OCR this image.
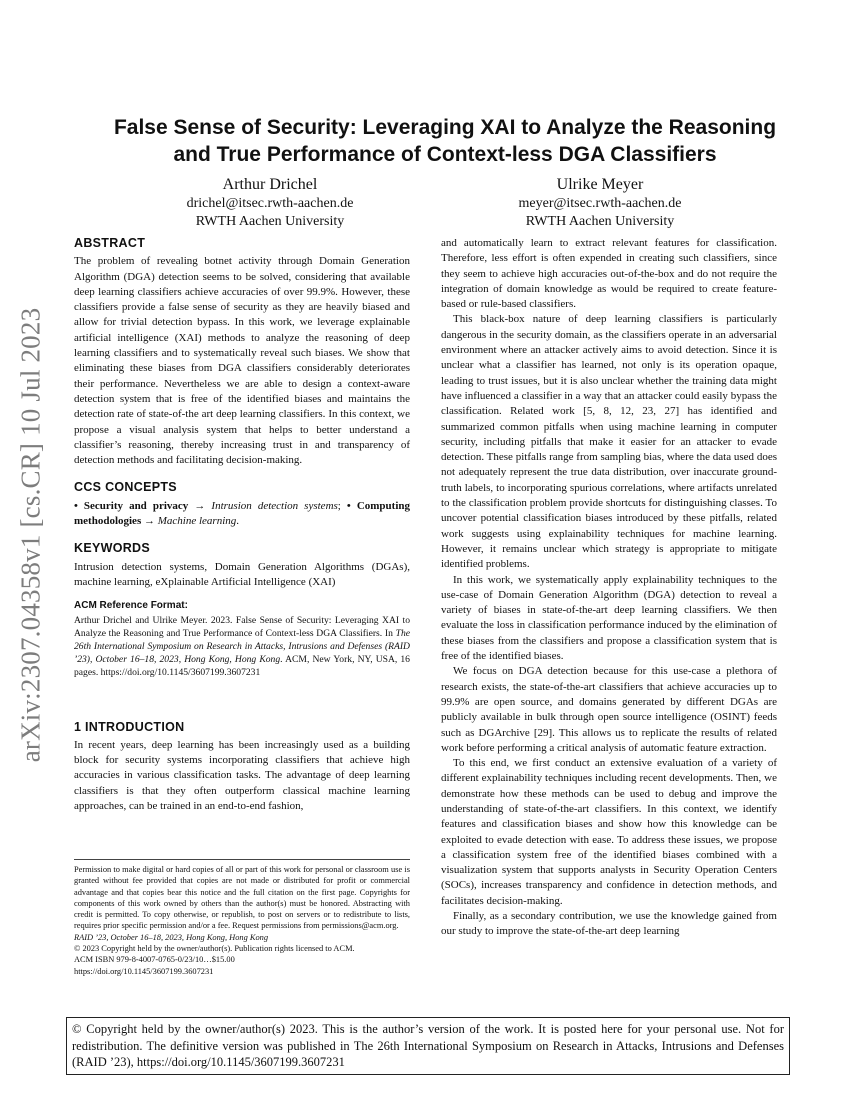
arXiv:2307.04358v1 [cs.CR] 10 Jul 2023
False Sense of Security: Leveraging XAI to Analyze the Reasoning
and True Performance of Context-less DGA Classifiers
Arthur Drichel
drichel@itsec.rwth-aachen.de
RWTH Aachen University
Ulrike Meyer
meyer@itsec.rwth-aachen.de
RWTH Aachen University
ABSTRACT

The problem of revealing botnet activity through Domain Generation Algorithm (DGA) detection seems to be solved, considering that available deep learning classifiers achieve accuracies of over 99.9%. However, these classifiers provide a false sense of security as they are heavily biased and allow for trivial detection bypass. In this work, we leverage explainable artificial intelligence (XAI) methods to analyze the reasoning of deep learning classifiers and to systematically reveal such biases. We show that eliminating these biases from DGA classifiers considerably deteriorates their performance. Nevertheless we are able to design a context-aware detection system that is free of the identified biases and maintains the detection rate of state-of-the art deep learning classifiers. In this context, we propose a visual analysis system that helps to better understand a classifier’s reasoning, thereby increasing trust in and transparency of detection methods and facilitating decision-making.

CCS CONCEPTS

• Security and privacy → Intrusion detection systems; • Computing methodologies → Machine learning.

KEYWORDS

Intrusion detection systems, Domain Generation Algorithms (DGAs), machine learning, eXplainable Artificial Intelligence (XAI)

ACM Reference Format:

Arthur Drichel and Ulrike Meyer. 2023. False Sense of Security: Leveraging XAI to Analyze the Reasoning and True Performance of Context-less DGA Classifiers. In The 26th International Symposium on Research in Attacks, Intrusions and Defenses (RAID ’23), October 16–18, 2023, Hong Kong, Hong Kong. ACM, New York, NY, USA, 16 pages. https://doi.org/10.1145/3607199.3607231

1 INTRODUCTION

In recent years, deep learning has been increasingly used as a building block for security systems incorporating classifiers that achieve high accuracies in various classification tasks. The advantage of deep learning classifiers is that they often outperform classical machine learning approaches, can be trained in an end-to-end fashion,

Permission to make digital or hard copies of all or part of this work for personal or classroom use is granted without fee provided that copies are not made or distributed for profit or commercial advantage and that copies bear this notice and the full citation on the first page. Copyrights for components of this work owned by others than the author(s) must be honored. Abstracting with credit is permitted. To copy otherwise, or republish, to post on servers or to redistribute to lists, requires prior specific permission and/or a fee. Request permissions from permissions@acm.org.
RAID ’23, October 16–18, 2023, Hong Kong, Hong Kong
© 2023 Copyright held by the owner/author(s). Publication rights licensed to ACM.
ACM ISBN 979-8-4007-0765-0/23/10…$15.00
https://doi.org/10.1145/3607199.3607231

and automatically learn to extract relevant features for classification. Therefore, less effort is often expended in creating such classifiers, since they seem to achieve high accuracies out-of-the-box and do not require the integration of domain knowledge as would be required to create feature-based or rule-based classifiers.

This black-box nature of deep learning classifiers is particularly dangerous in the security domain, as the classifiers operate in an adversarial environment where an attacker actively aims to avoid detection. Since it is unclear what a classifier has learned, not only is its operation opaque, leading to trust issues, but it is also unclear whether the training data might have influenced a classifier in a way that an attacker could easily bypass the classification. Related work [5, 8, 12, 23, 27] has identified and summarized common pitfalls when using machine learning in computer security, including pitfalls that make it easier for an attacker to evade detection. These pitfalls range from sampling bias, where the data used does not adequately represent the true data distribution, over inaccurate ground-truth labels, to incorporating spurious correlations, where artifacts unrelated to the classification problem provide shortcuts for distinguishing classes. To uncover potential classification biases introduced by these pitfalls, related work suggests using explainability techniques for machine learning. However, it remains unclear which strategy is appropriate to mitigate identified problems.

In this work, we systematically apply explainability techniques to the use-case of Domain Generation Algorithm (DGA) detection to reveal a variety of biases in state-of-the-art deep learning classifiers. We then evaluate the loss in classification performance induced by the elimination of these biases from the classifiers and propose a classification system that is free of the identified biases.

We focus on DGA detection because for this use-case a plethora of research exists, the state-of-the-art classifiers that achieve accuracies up to 99.9% are open source, and domains generated by different DGAs are publicly available in bulk through open source intelligence (OSINT) feeds such as DGArchive [29]. This allows us to replicate the results of related work before performing a critical analysis of automatic feature extraction.

To this end, we first conduct an extensive evaluation of a variety of different explainability techniques including recent developments. Then, we demonstrate how these methods can be used to debug and improve the understanding of state-of-the-art classifiers. In this context, we identify features and classification biases and show how this knowledge can be exploited to evade detection with ease. To address these issues, we propose a classification system free of the identified biases combined with a visualization system that supports analysts in Security Operation Centers (SOCs), increases transparency and confidence in detection methods, and facilitates decision-making.

Finally, as a secondary contribution, we use the knowledge gained from our study to improve the state-of-the-art deep learning

© Copyright held by the owner/author(s) 2023. This is the author’s version of the work. It is posted here for your personal use. Not for redistribution. The definitive version was published in The 26th International Symposium on Research in Attacks, Intrusions and Defenses (RAID ’23), https://doi.org/10.1145/3607199.3607231
